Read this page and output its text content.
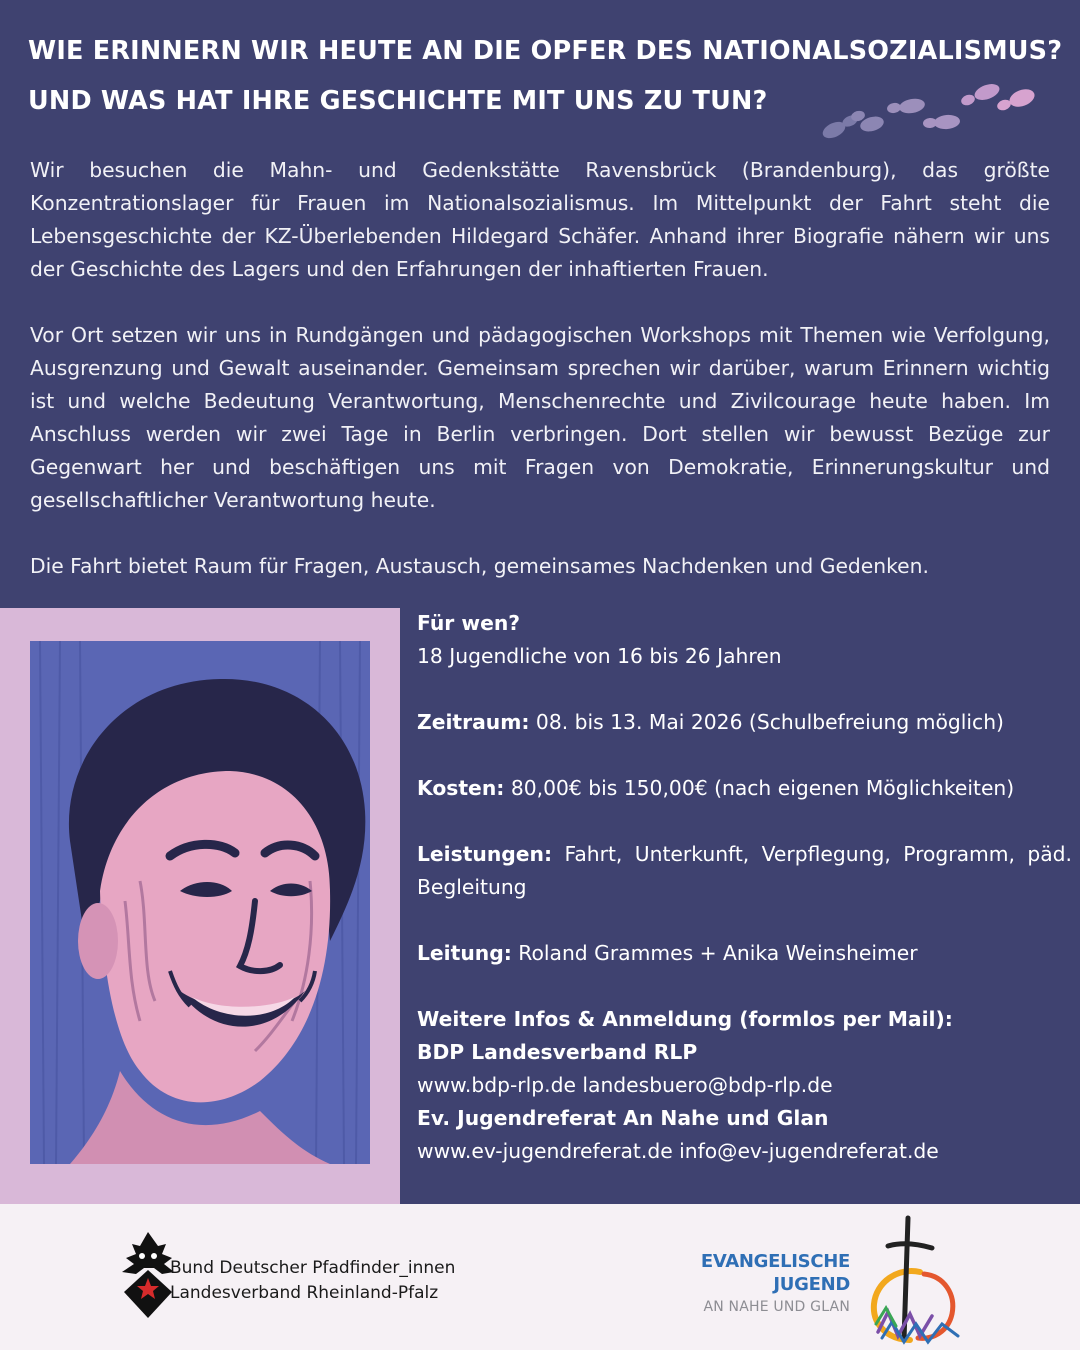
WIE ERINNERN WIR HEUTE AN DIE OPFER DES NATIONALSOZIALISMUS?
UND WAS HAT IHRE GESCHICHTE MIT UNS ZU TUN?

Wir besuchen die Mahn- und Gedenkstätte Ravensbrück (Brandenburg), das größte Konzentrationslager für Frauen im Nationalsozialismus. Im Mittelpunkt der Fahrt steht die Lebensgeschichte der KZ-Überlebenden Hildegard Schäfer. Anhand ihrer Biografie nähern wir uns der Geschichte des Lagers und den Erfahrungen der inhaftierten Frauen.

Vor Ort setzen wir uns in Rundgängen und pädagogischen Workshops mit Themen wie Verfolgung, Ausgrenzung und Gewalt auseinander. Gemeinsam sprechen wir darüber, warum Erinnern wichtig ist und welche Bedeutung Verantwortung, Menschenrechte und Zivilcourage heute haben. Im Anschluss werden wir zwei Tage in Berlin verbringen. Dort stellen wir bewusst Bezüge zur Gegenwart her und beschäftigen uns mit Fragen von Demokratie, Erinnerungskultur und gesellschaftlicher Verantwortung heute.

Die Fahrt bietet Raum für Fragen, Austausch, gemeinsames Nachdenken und Gedenken.

Für wen?
18 Jugendliche von 16 bis 26 Jahren
Zeitraum: 08. bis 13. Mai 2026 (Schulbefreiung möglich)
Kosten: 80,00€ bis 150,00€ (nach eigenen Möglichkeiten)
Leistungen: Fahrt, Unterkunft, Verpflegung, Programm, päd. Begleitung
Leitung: Roland Grammes + Anika Weinsheimer
Weitere Infos & Anmeldung (formlos per Mail):
BDP Landesverband RLP
www.bdp-rlp.de landesbuero@bdp-rlp.de
Ev. Jugendreferat An Nahe und Glan
www.ev-jugendreferat.de info@ev-jugendreferat.de
Bund Deutscher Pfadfinder_innen
Landesverband Rheinland-Pfalz
EVANGELISCHE
JUGEND
AN NAHE UND GLAN
